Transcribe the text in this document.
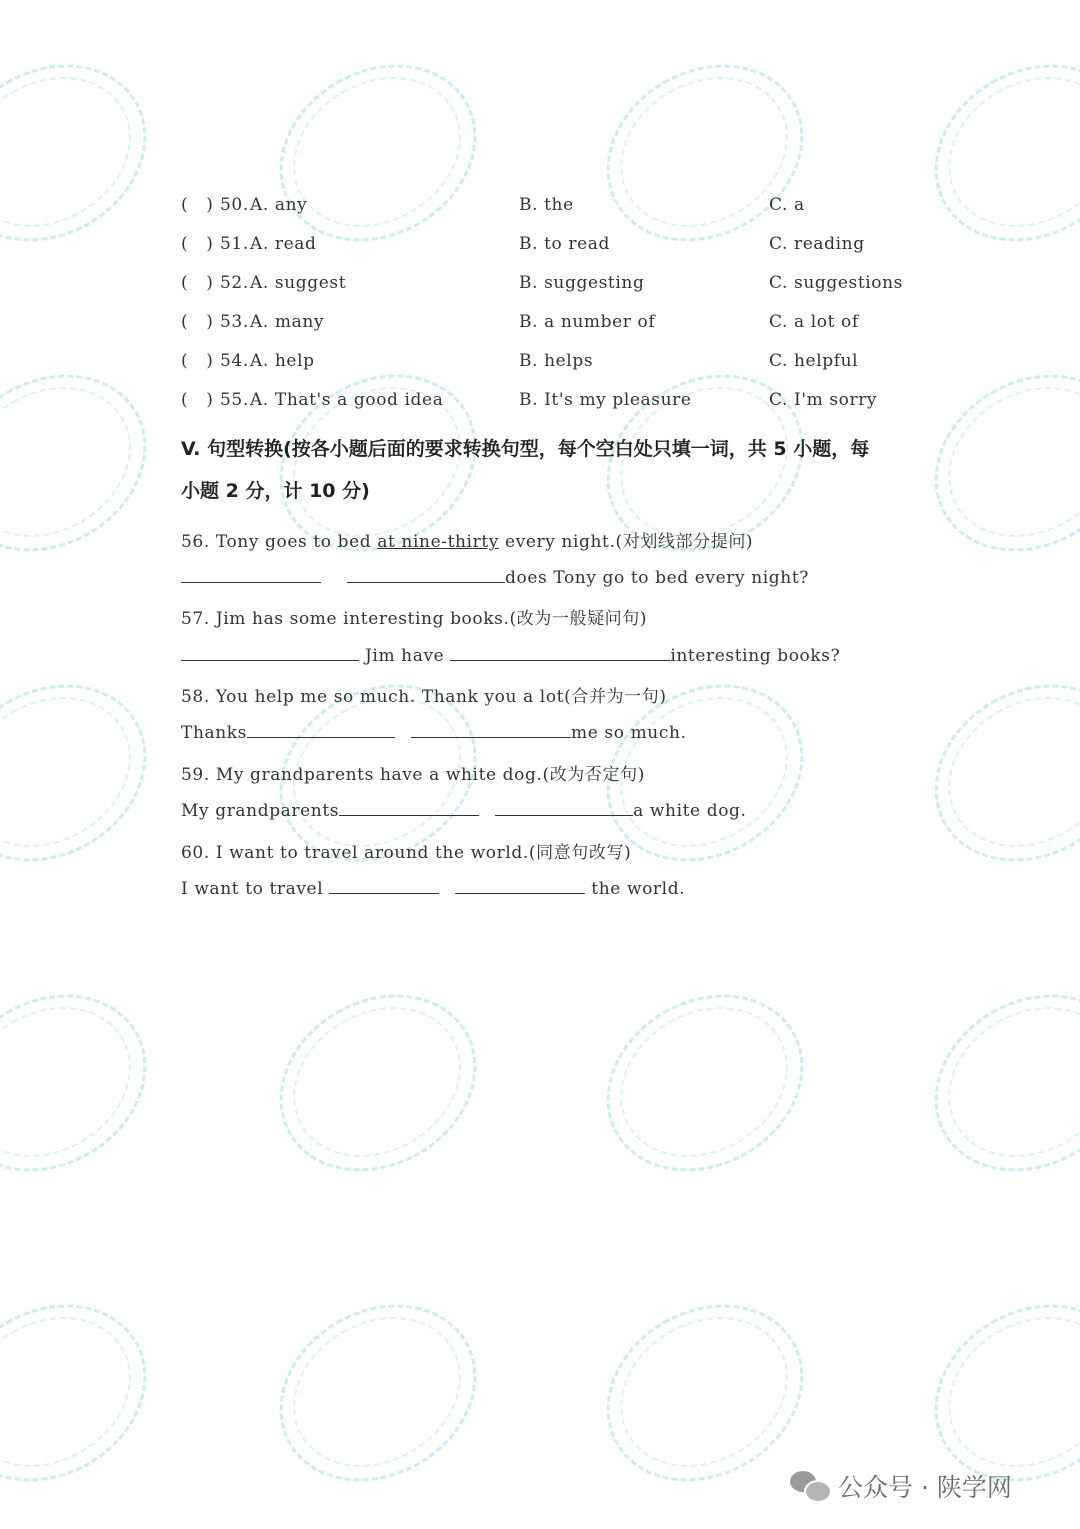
(   ) 50. A. any	B. the	C. a
(   ) 51. A. read	B. to read	C. reading
(   ) 52. A. suggest	B. suggesting	C. suggestions
(   ) 53. A. many	B. a number of	C. a lot of
(   ) 54. A. help	B. helps	C. helpful
(   ) 55. A. That's a good idea	B. It's my pleasure	C. I'm sorry
V. 句型转换(按各小题后面的要求转换句型，每个空白处只填一词，共 5 小题，每
小题 2 分，计 10 分)
56. Tony goes to bed at nine-thirty every night.(对划线部分提问)
does Tony go to bed every night?
57. Jim has some interesting books.(改为一般疑问句)
Jim have	interesting books?
58. You help me so much. Thank you a lot(合并为一句)
Thanks	me so much.
59. My grandparents have a white dog.(改为否定句)
My grandparents	a white dog.
60. I want to travel around the world.(同意句改写)
I want to travel	the world.
公众号 · 陕学网
